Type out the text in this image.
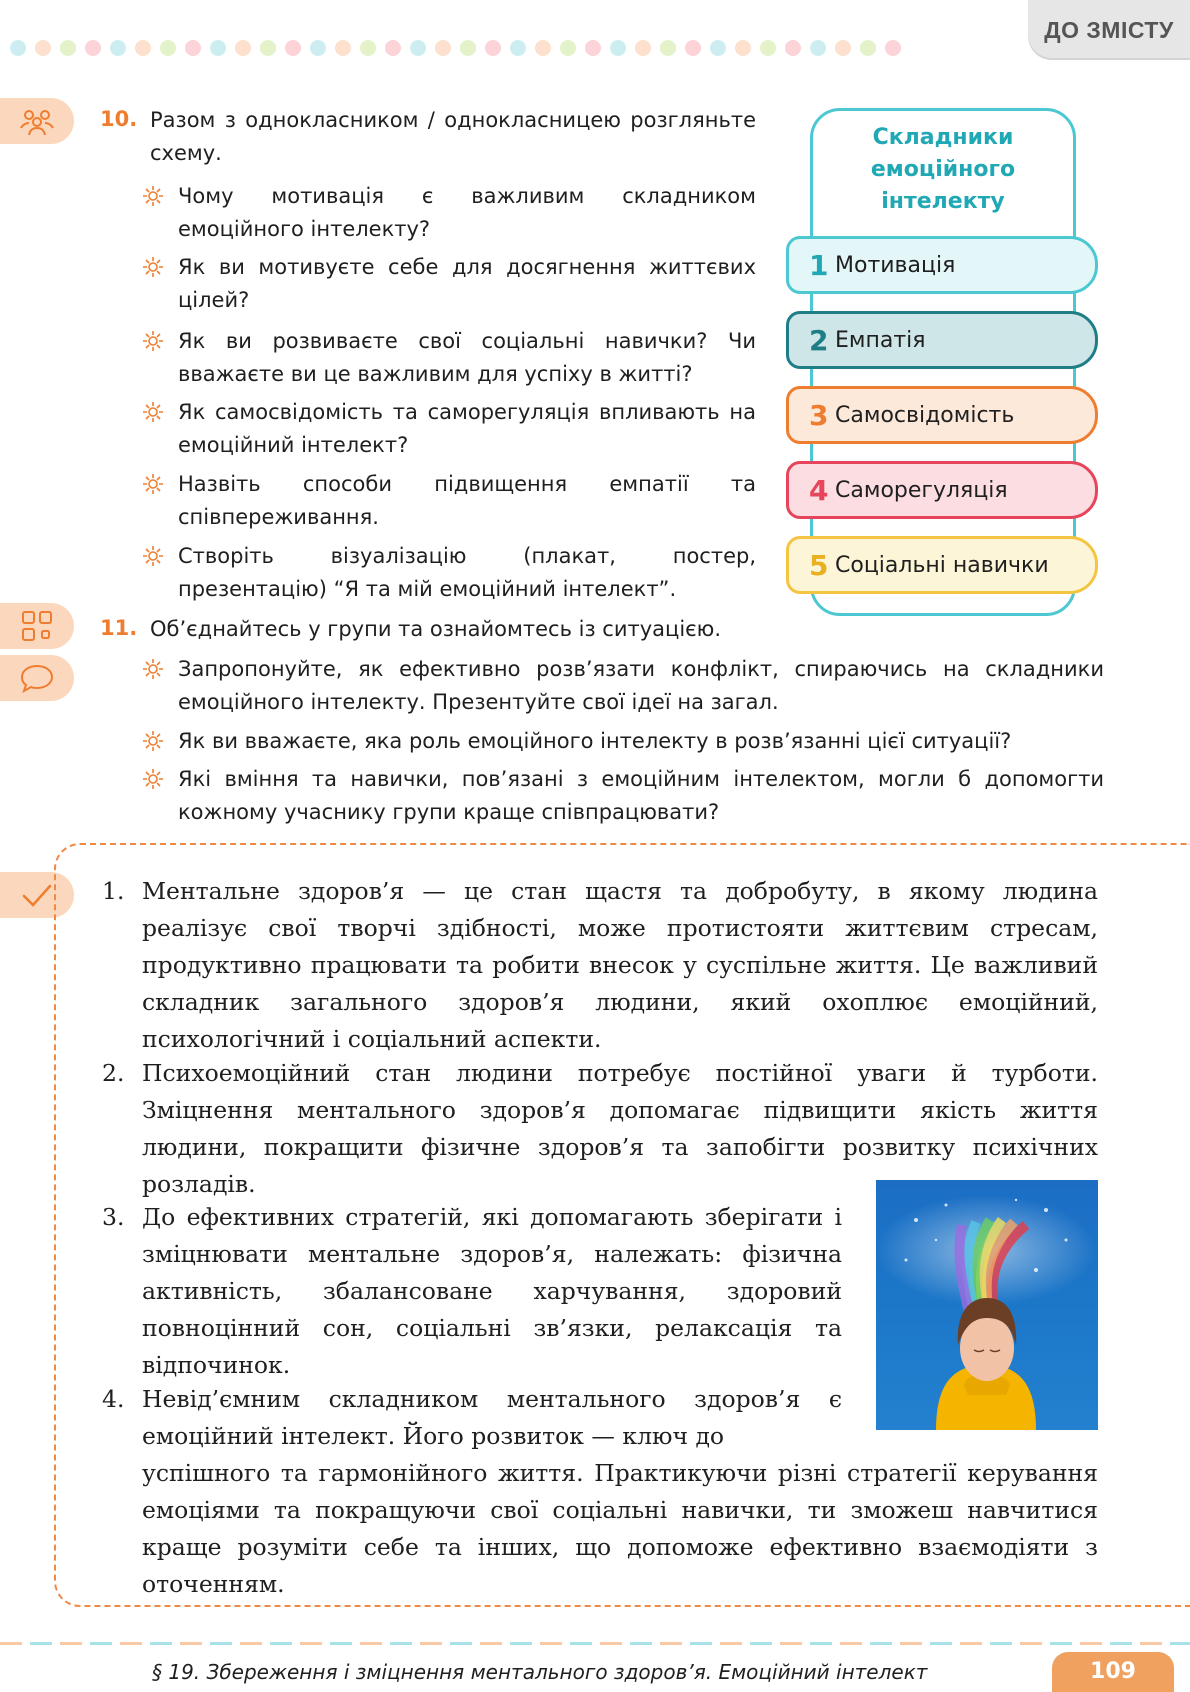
ДО ЗМІСТУ
10. Разом з однокласником / однокласницею розгляньте схему.
Чому мотивація є важливим складником емоційного інтелекту?
Як ви мотивуєте себе для досягнення життєвих цілей?
Як ви розвиваєте свої соціальні навички? Чи вважаєте ви це важливим для успіху в житті?
Як самосвідомість та саморегуляція впливають на емоційний інтелект?
Назвіть способи підвищення емпатії та співпереживання.
Створіть візуалізацію (плакат, постер, презентацію) “Я та мій емоційний інтелект”.
Складники емоційного інтелекту
1 Мотивація
2 Емпатія
3 Самосвідомість
4 Саморегуляція
5 Соціальні навички
11. Об’єднайтесь у групи та ознайомтесь із ситуацією.
Запропонуйте, як ефективно розв’язати конфлікт, спираючись на складники емоційного інтелекту. Презентуйте свої ідеї на загал.
Як ви вважаєте, яка роль емоційного інтелекту в розв’язанні цієї ситуації?
Які вміння та навички, пов’язані з емоційним інтелектом, могли б допомогти кожному учаснику групи краще співпрацювати?
1. Ментальне здоров’я — це стан щастя та добробуту, в якому людина реалізує свої творчі здібності, може протистояти життєвим стресам, продуктивно працювати та робити внесок у суспільне життя. Це важливий складник загального здоров’я людини, який охоплює емоційний, психологічний і соціальний аспекти.
2. Психоемоційний стан людини потребує постійної уваги й турботи. Зміцнення ментального здоров’я допомагає підвищити якість життя людини, покращити фізичне здоров’я та запобігти розвитку психічних розладів.
3. До ефективних стратегій, які допомагають зберігати і зміцнювати ментальне здоров’я, належать: фізична активність, збалансоване харчування, здоровий повноцінний сон, соціальні зв’язки, релаксація та відпочинок.
4. Невід’ємним складником ментального здоров’я є емоційний інтелект. Його розвиток — ключ до
успішного та гармонійного життя. Практикуючи різні стратегії керування емоціями та покращуючи свої соціальні навички, ти зможеш навчитися краще розуміти себе та інших, що допоможе ефективно взаємодіяти з оточенням.
§ 19. Збереження і зміцнення ментального здоров’я. Емоційний інтелект	109
